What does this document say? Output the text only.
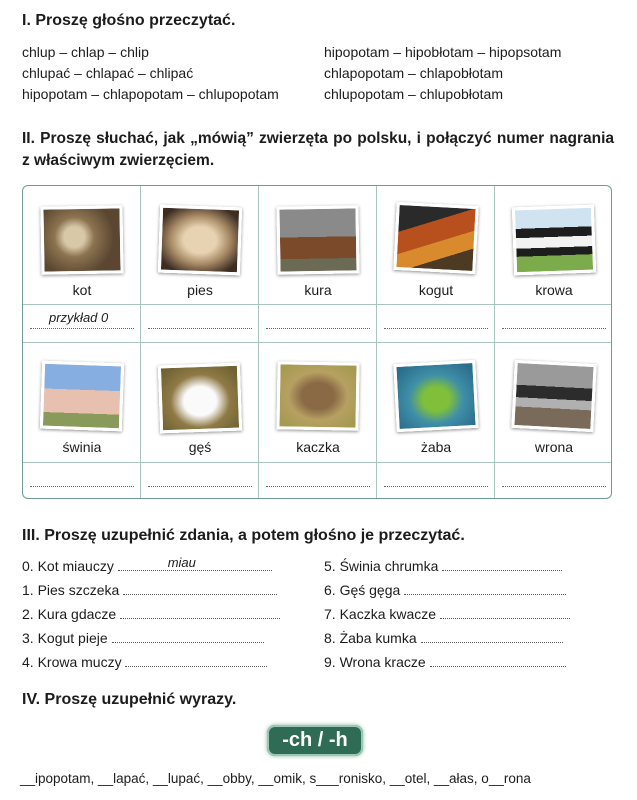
I. Proszę głośno przeczytać.
chlup – chlap – chlip
chlupać – chlapać – chlipać
hipopotam – chlapopotam – chlupopotam
hipopotam – hipobłotam – hipopsotam
chlapopotam – chlapobłotam
chlupopotam – chlupobłotam
II. Proszę słuchać, jak „mówią” zwierzęta po polsku, i połączyć numer nagrania
z właściwym zwierzęciem.
kot	pies	kura	kogut	krowa
przykład 0
świnia	gęś	kaczka	żaba	wrona
III. Proszę uzupełnić zdania, a potem głośno je przeczytać.
0. Kot miauczy	miau
1. Pies szczeka
2. Kura gdacze
3. Kogut pieje
4. Krowa muczy
5. Świnia chrumka
6. Gęś gęga
7. Kaczka kwacze
8. Żaba kumka
9. Wrona kracze
IV. Proszę uzupełnić wyrazy.
-ch / -h
__ipopotam, __lapać, __lupać, __obby, __omik, s___ronisko, __otel, __ałas, o__rona
